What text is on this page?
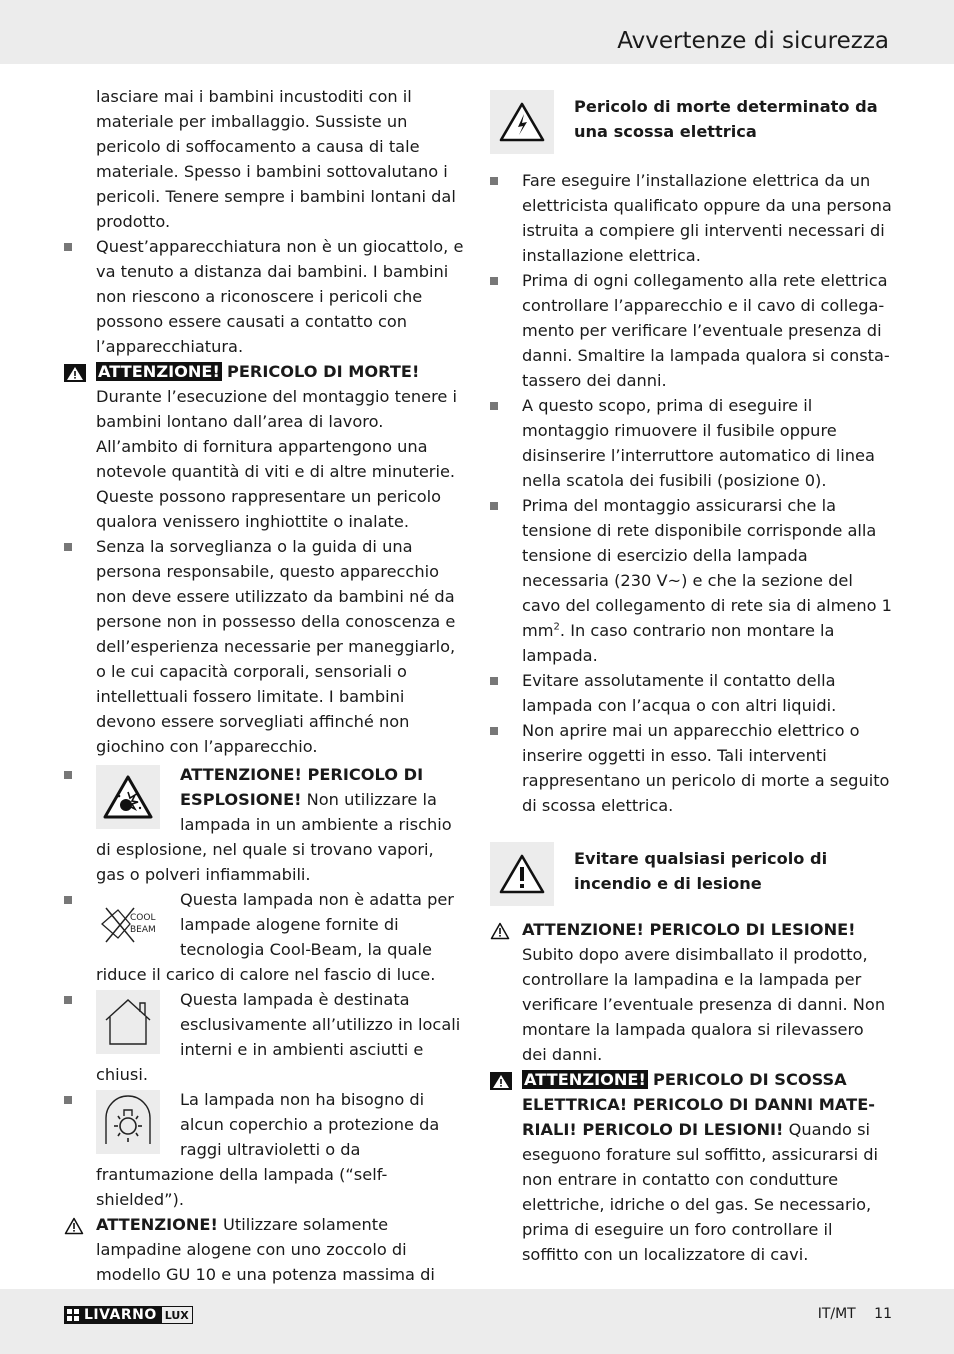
Avvertenze di sicurezza
lasciare mai i bambini incustoditi con il materiale per imballaggio. Sussiste un pericolo di soffocamento a causa di tale materiale. Spesso i bambini sottovalutano i pericoli. Tenere sempre i bambini lontani dal prodotto.
Quest’apparecchiatura non è un giocattolo, e va tenuto a distanza dai bambini. I bambini non riescono a riconoscere i pericoli che possono essere causati a contatto con l’apparecchiatura.
ATTENZIONE! PERICOLO DI MORTE!
Durante l’esecuzione del montaggio tenere i bambini lontano dall’area di lavoro. All’ambito di fornitura appartengono una notevole quantità di viti e di altre minuterie. Queste possono rappresentare un pericolo qualora venissero inghiottite o inalate.
Senza la sorveglianza o la guida di una persona responsabile, questo apparecchio non deve essere utilizzato da bambini né da persone non in possesso della conoscenza e dell’esperienza necessarie per maneggiarlo, o le cui capacità corporali, sensoriali o intellettuali fossero limitate. I bambini devono essere sorvegliati affinché non giochino con l’apparecchio.
ATTENZIONE! PERICOLO DI ESPLOSIONE! Non utilizzare la lampada in un ambiente a rischio di esplosione, nel quale si trovano vapori, gas o polveri infiammabili.
COOL
BEAM
Questa lampada non è adatta per lampade alogene fornite di tecnologia Cool-Beam, la quale riduce il carico di calore nel fascio di luce.
Questa lampada è destinata esclusivamente all’utilizzo in locali interni e in ambienti asciutti e chiusi.
La lampada non ha bisogno di alcun coperchio a protezione da raggi ultravioletti o da frantumazione della lampada (“self-shielded”).
ATTENZIONE! Utilizzare solamente lampadine alogene con uno zoccolo di modello GU 10 e una potenza massima di
Pericolo di morte determinato da una scossa elettrica
Fare eseguire l’installazione elettrica da un elettricista qualificato oppure da una persona istruita a compiere gli interventi necessari di installazione elettrica.
Prima di ogni collegamento alla rete elettrica controllare l’apparecchio e il cavo di collegamento per verificare l’eventuale presenza di danni. Smaltire la lampada qualora si constatassero dei danni.
A questo scopo, prima di eseguire il montaggio rimuovere il fusibile oppure disinserire l’interruttore automatico di linea nella scatola dei fusibili (posizione 0).
Prima del montaggio assicurarsi che la tensione di rete disponibile corrisponde alla tensione di esercizio della lampada necessaria (230 V~) e che la sezione del cavo del collegamento di rete sia di almeno 1 $mm^2$. In caso contrario non montare la lampada.
Evitare assolutamente il contatto della lampada con l’acqua o con altri liquidi.
Non aprire mai un apparecchio elettrico o inserire oggetti in esso. Tali interventi rappresentano un pericolo di morte a seguito di scossa elettrica.
Evitare qualsiasi pericolo di incendio e di lesione
ATTENZIONE! PERICOLO DI LESIONE!
Subito dopo avere disimballato il prodotto, controllare la lampadina e la lampada per verificare l’eventuale presenza di danni. Non montare la lampada qualora si rilevassero dei danni.
ATTENZIONE! PERICOLO DI SCOSSA ELETTRICA! PERICOLO DI DANNI MATERIALI! PERICOLO DI LESIONI! Quando si eseguono forature sul soffitto, assicurarsi di non entrare in contatto con condutture elettriche, idriche o del gas. Se necessario, prima di eseguire un foro controllare il soffitto con un localizzatore di cavi.
LIVARNO LUX	IT/MT 11
